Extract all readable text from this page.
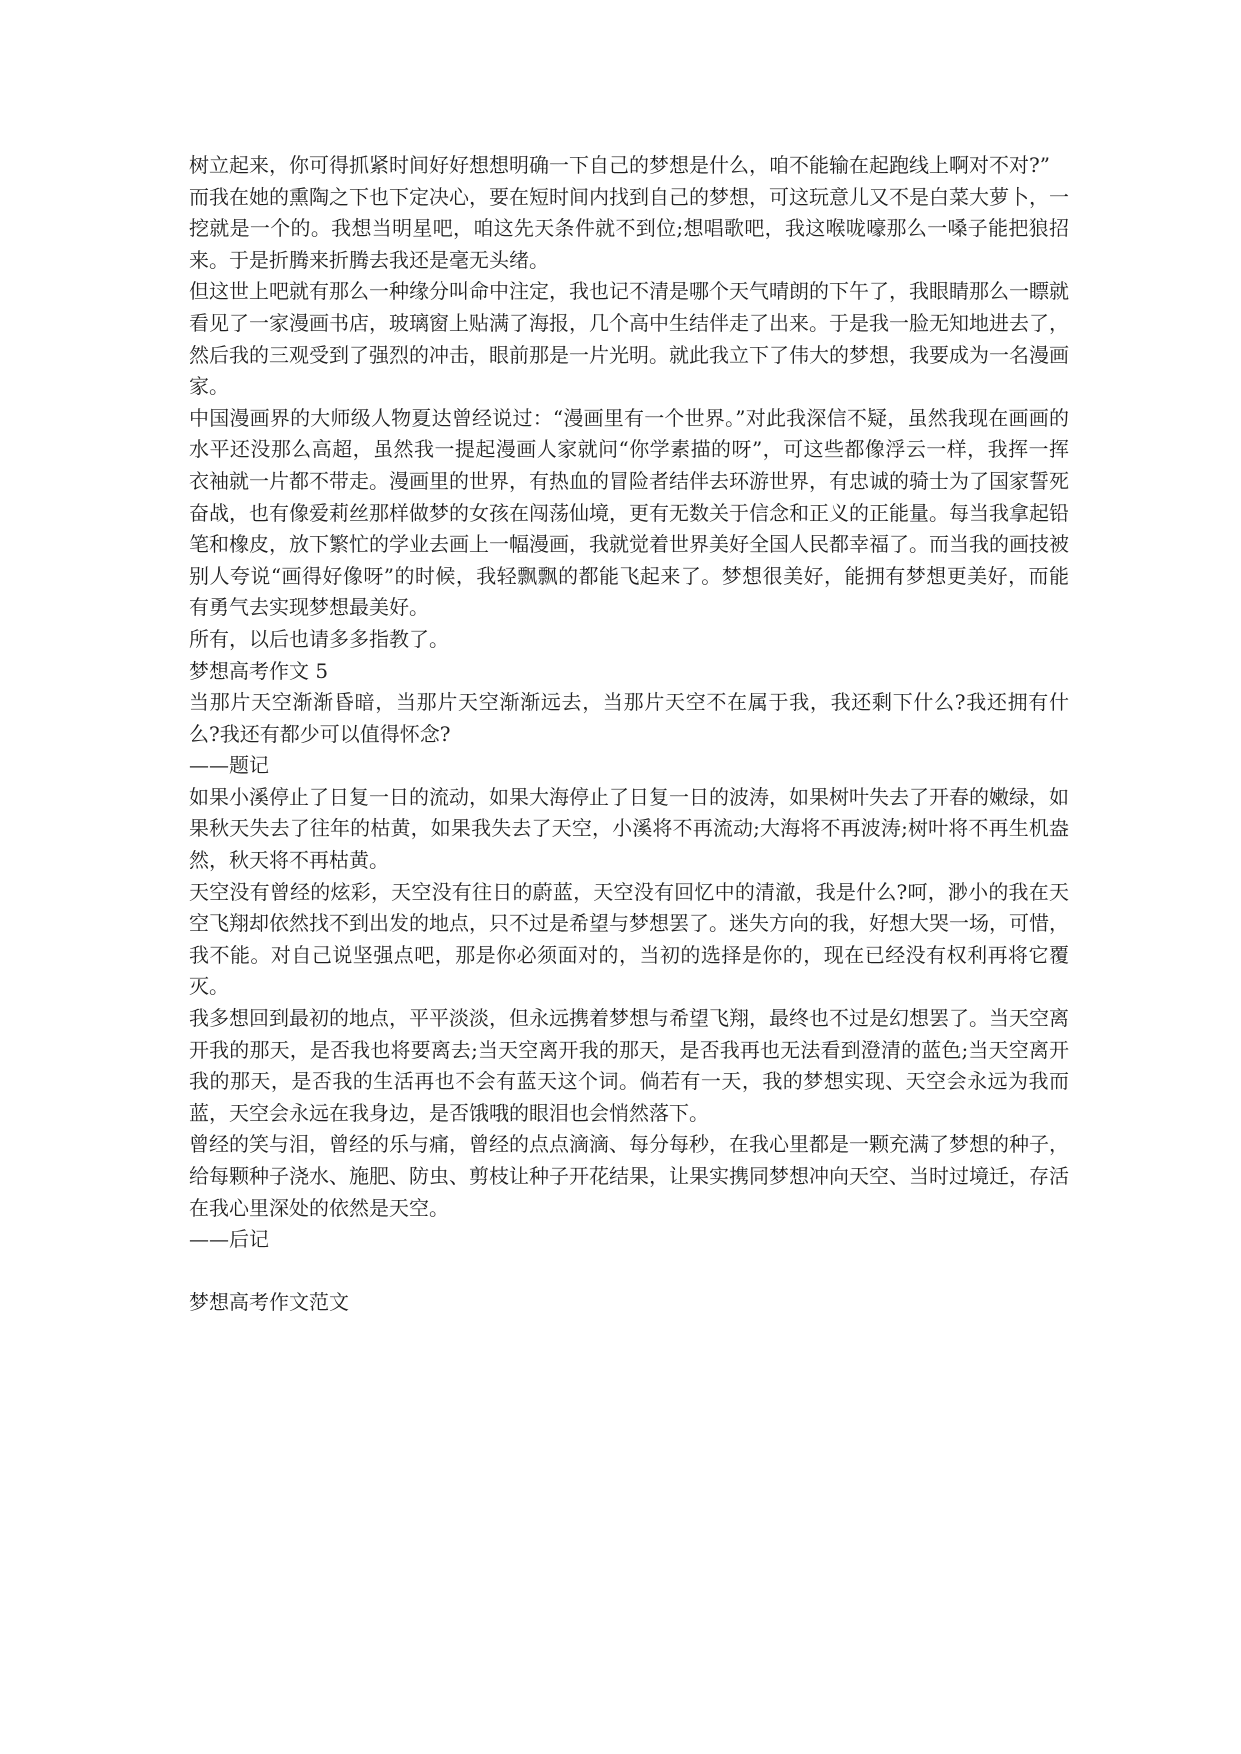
树立起来，你可得抓紧时间好好想想明确一下自己的梦想是什么，咱不能输在起跑线上啊对不对?”

而我在她的熏陶之下也下定决心，要在短时间内找到自己的梦想，可这玩意儿又不是白菜大萝卜，一挖就是一个的。我想当明星吧，咱这先天条件就不到位;想唱歌吧，我这喉咙嚎那么一嗓子能把狼招来。于是折腾来折腾去我还是毫无头绪。

但这世上吧就有那么一种缘分叫命中注定，我也记不清是哪个天气晴朗的下午了，我眼睛那么一瞟就看见了一家漫画书店，玻璃窗上贴满了海报，几个高中生结伴走了出来。于是我一脸无知地进去了，然后我的三观受到了强烈的冲击，眼前那是一片光明。就此我立下了伟大的梦想，我要成为一名漫画家。

中国漫画界的大师级人物夏达曾经说过：“漫画里有一个世界。”对此我深信不疑，虽然我现在画画的水平还没那么高超，虽然我一提起漫画人家就问“你学素描的呀”，可这些都像浮云一样，我挥一挥衣袖就一片都不带走。漫画里的世界，有热血的冒险者结伴去环游世界，有忠诚的骑士为了国家誓死奋战，也有像爱莉丝那样做梦的女孩在闯荡仙境，更有无数关于信念和正义的正能量。每当我拿起铅笔和橡皮，放下繁忙的学业去画上一幅漫画，我就觉着世界美好全国人民都幸福了。而当我的画技被别人夸说“画得好像呀”的时候，我轻飘飘的都能飞起来了。梦想很美好，能拥有梦想更美好，而能有勇气去实现梦想最美好。

所有，以后也请多多指教了。

梦想高考作文 5

当那片天空渐渐昏暗，当那片天空渐渐远去，当那片天空不在属于我，我还剩下什么?我还拥有什么?我还有都少可以值得怀念?

——题记

如果小溪停止了日复一日的流动，如果大海停止了日复一日的波涛，如果树叶失去了开春的嫩绿，如果秋天失去了往年的枯黄，如果我失去了天空，小溪将不再流动;大海将不再波涛;树叶将不再生机盎然，秋天将不再枯黄。

天空没有曾经的炫彩，天空没有往日的蔚蓝，天空没有回忆中的清澈，我是什么?呵，渺小的我在天空飞翔却依然找不到出发的地点，只不过是希望与梦想罢了。迷失方向的我，好想大哭一场，可惜，我不能。对自己说坚强点吧，那是你必须面对的，当初的选择是你的，现在已经没有权利再将它覆灭。

我多想回到最初的地点，平平淡淡，但永远携着梦想与希望飞翔，最终也不过是幻想罢了。当天空离开我的那天，是否我也将要离去;当天空离开我的那天，是否我再也无法看到澄清的蓝色;当天空离开我的那天，是否我的生活再也不会有蓝天这个词。倘若有一天，我的梦想实现、天空会永远为我而蓝，天空会永远在我身边，是否饿哦的眼泪也会悄然落下。

曾经的笑与泪，曾经的乐与痛，曾经的点点滴滴、每分每秒，在我心里都是一颗充满了梦想的种子，给每颗种子浇水、施肥、防虫、剪枝让种子开花结果，让果实携同梦想冲向天空、当时过境迁，存活在我心里深处的依然是天空。

——后记

梦想高考作文范文
